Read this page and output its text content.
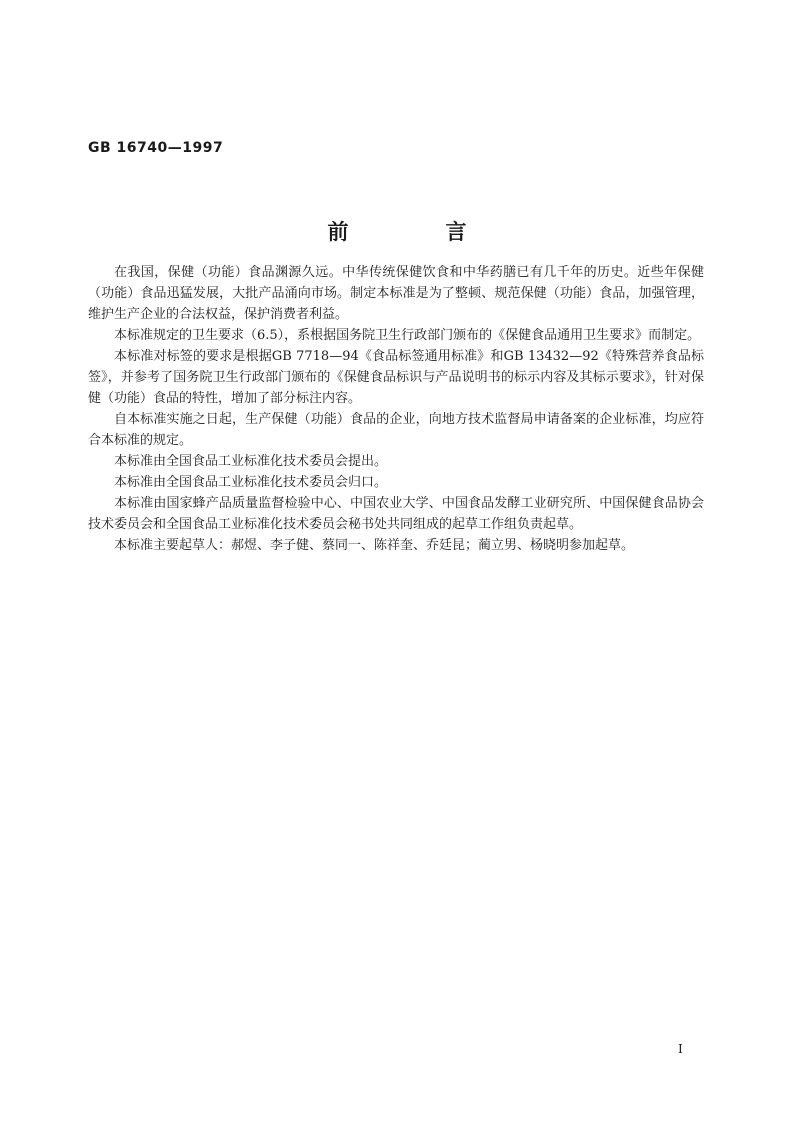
GB 16740—1997
前　言

在我国，保健（功能）食品渊源久远。中华传统保健饮食和中华药膳已有几千年的历史。近些年保健（功能）食品迅猛发展，大批产品涌向市场。制定本标准是为了整顿、规范保健（功能）食品，加强管理，维护生产企业的合法权益，保护消费者利益。

本标准规定的卫生要求（6.5），系根据国务院卫生行政部门颁布的《保健食品通用卫生要求》而制定。

本标准对标签的要求是根据GB 7718—94《食品标签通用标准》和GB 13432—92《特殊营养食品标签》，并参考了国务院卫生行政部门颁布的《保健食品标识与产品说明书的标示内容及其标示要求》，针对保健（功能）食品的特性，增加了部分标注内容。

自本标准实施之日起，生产保健（功能）食品的企业，向地方技术监督局申请备案的企业标准，均应符合本标准的规定。

本标准由全国食品工业标准化技术委员会提出。

本标准由全国食品工业标准化技术委员会归口。

本标准由国家蜂产品质量监督检验中心、中国农业大学、中国食品发酵工业研究所、中国保健食品协会技术委员会和全国食品工业标准化技术委员会秘书处共同组成的起草工作组负责起草。

本标准主要起草人：郝煜、李子健、蔡同一、陈祥奎、乔廷昆；蔺立男、杨晓明参加起草。

I
